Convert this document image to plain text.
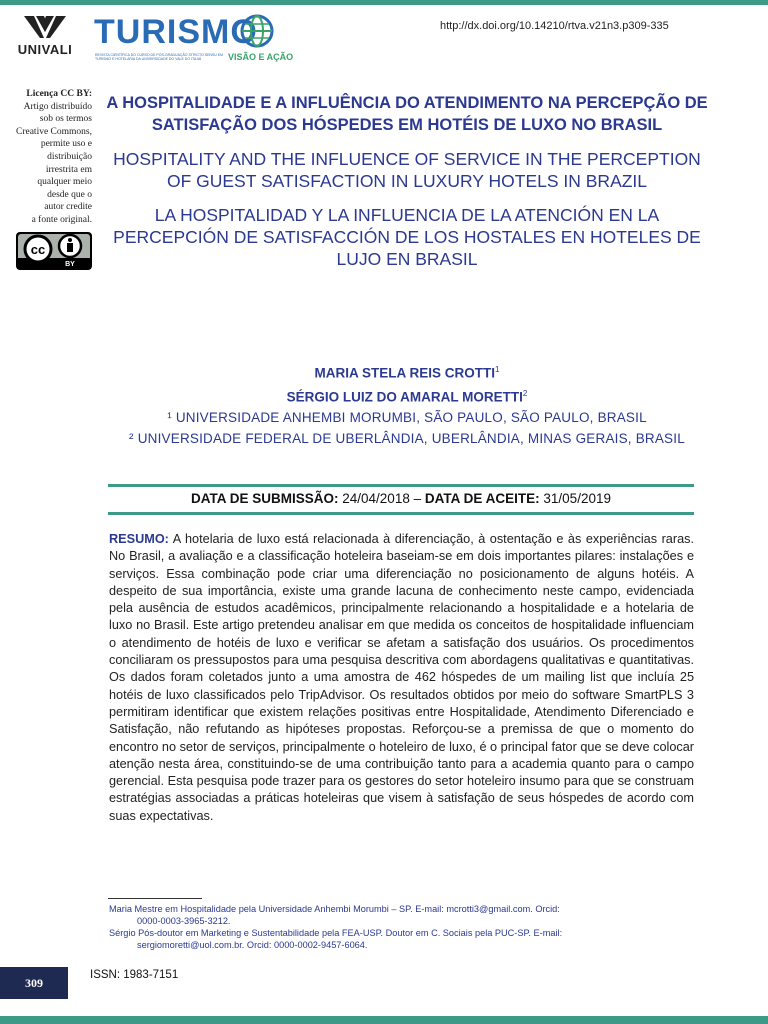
UNIVALI TURISMO
REVISTA CIENTÍFICA DO CURSO DE PÓS-GRADUAÇÃO STRICTO SENSU EM TURISMO E HOTELARIA DA UNIVERSIDADE DO VALE DO ITAJAÍ	VISÃO E AÇÃO
http://dx.doi.org/10.14210/rtva.v21n3.p309-335
Licença CC BY:
Artigo distribuído
sob os termos
Creative Commons,
permite uso e
distribuição
irrestrita em
qualquer meio
desde que o
autor credite
a fonte original.
cc
BY

A HOSPITALIDADE E A INFLUÊNCIA DO ATENDIMENTO NA PERCEPÇÃO DE SATISFAÇÃO DOS HÓSPEDES EM HOTÉIS DE LUXO NO BRASIL

HOSPITALITY AND THE INFLUENCE OF SERVICE IN THE PERCEPTION OF GUEST SATISFACTION IN LUXURY HOTELS IN BRAZIL

LA HOSPITALIDAD Y LA INFLUENCIA DE LA ATENCIÓN EN LA PERCEPCIÓN DE SATISFACCIÓN DE LOS HOSTALES EN HOTELES DE LUJO EN BRASIL

MARIA STELA REIS CROTTI$^1$
SÉRGIO LUIZ DO AMARAL MORETTI$^2$
¹ UNIVERSIDADE ANHEMBI MORUMBI, SÃO PAULO, SÃO PAULO, BRASIL
² UNIVERSIDADE FEDERAL DE UBERLÂNDIA, UBERLÂNDIA, MINAS GERAIS, BRASIL
DATA DE SUBMISSÃO: 24/04/2018 – DATA DE ACEITE: 31/05/2019
RESUMO: A hotelaria de luxo está relacionada à diferenciação, à ostentação e às experiências raras. No Brasil, a avaliação e a classificação hoteleira baseiam-se em dois importantes pilares: instalações e serviços. Essa combinação pode criar uma diferenciação no posicionamento de alguns hotéis. A despeito de sua importância, existe uma grande lacuna de conhecimento neste campo, evidenciada pela ausência de estudos acadêmicos, principalmente relacionando a hospitalidade e a hotelaria de luxo no Brasil. Este artigo pretendeu analisar em que medida os conceitos de hospitalidade influenciam o atendimento de hotéis de luxo e verificar se afetam a satisfação dos usuários. Os procedimentos conciliaram os pressupostos para uma pesquisa descritiva com abordagens qualitativas e quantitativas. Os dados foram coletados junto a uma amostra de 462 hóspedes de um mailing list que incluía 25 hotéis de luxo classificados pelo TripAdvisor. Os resultados obtidos por meio do software SmartPLS 3 permitiram identificar que existem relações positivas entre Hospitalidade, Atendimento Diferenciado e Satisfação, não refutando as hipóteses propostas. Reforçou-se a premissa de que o momento do encontro no setor de serviços, principalmente o hoteleiro de luxo, é o principal fator que se deve colocar atenção nesta área, constituindo-se de uma contribuição tanto para a academia quanto para o campo gerencial. Esta pesquisa pode trazer para os gestores do setor hoteleiro insumo para que se construam estratégias associadas a práticas hoteleiras que visem à satisfação de seus hóspedes de acordo com suas expectativas.
Maria Mestre em Hospitalidade pela Universidade Anhembi Morumbi – SP. E-mail: mcrotti3@gmail.com. Orcid:
0000-0003-3965-3212.
Sérgio Pós-doutor em Marketing e Sustentabilidade pela FEA-USP. Doutor em C. Sociais pela PUC-SP. E-mail:
sergiomoretti@uol.com.br. Orcid: 0000-0002-9457-6064.
309
ISSN: 1983-7151
